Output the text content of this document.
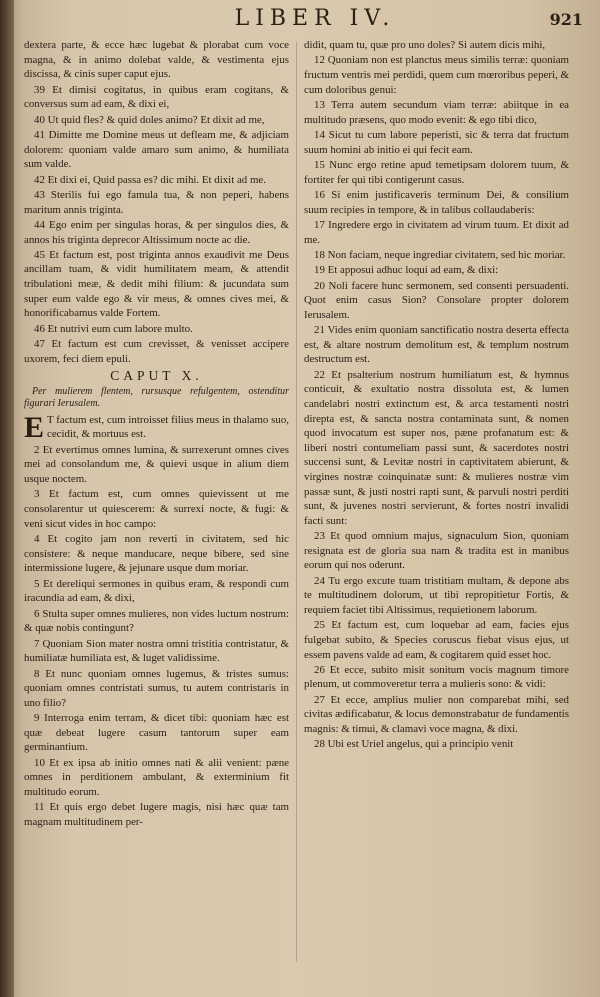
LIBER IV.	921

dextera parte, & ecce hæc lugebat & plorabat cum voce magna, & in animo dolebat valde, & vestimenta ejus discissa, & cinis super caput ejus.

39 Et dimisi cogitatus, in quibus eram cogitans, & conversus sum ad eam, & dixi ei,

40 Ut quid fles? & quid doles animo? Et dixit ad me,

41 Dimitte me Domine meus ut defleam me, & adjiciam dolorem: quoniam valde amaro sum animo, & humiliata sum valde.

42 Et dixi ei, Quid passa es? dic mihi. Et dixit ad me.

43 Sterilis fui ego famula tua, & non peperi, habens maritum annis triginta.

44 Ego enim per singulas horas, & per singulos dies, & annos his triginta deprecor Altissimum nocte ac die.

45 Et factum est, post triginta annos exaudivit me Deus ancillam tuam, & vidit humilitatem meam, & attendit tribulationi meæ, & dedit mihi filium: & jucundata sum super eum valde ego & vir meus, & omnes cives mei, & honorificabamus valde Fortem.

46 Et nutrivi eum cum labore multo.

47 Et factum est cum crevisset, & venisset accipere uxorem, feci diem epuli.

CAPUT X.

Per mulierem flentem, rursusque refulgentem, ostenditur figurari Ierusalem.

E T factum est, cum introisset filius meus in thalamo suo, cecidit, & mortuus est.

2 Et evertimus omnes lumina, & surrexerunt omnes cives mei ad consolandum me, & quievi usque in alium diem usque noctem.

3 Et factum est, cum omnes quievissent ut me consolarentur ut quiescerem: & surrexi nocte, & fugi: & veni sicut vides in hoc campo:

4 Et cogito jam non reverti in civitatem, sed hic consistere: & neque manducare, neque bibere, sed sine intermissione lugere, & jejunare usque dum moriar.

5 Et dereliqui sermones in quibus eram, & respondi cum iracundia ad eam, & dixi,

6 Stulta super omnes mulieres, non vides luctum nostrum: & quæ nobis contingunt?

7 Quoniam Sion mater nostra omni tristitia contristatur, & humiliatæ humiliata est, & luget validissime.

8 Et nunc quoniam omnes lugemus, & tristes sumus: quoniam omnes contristati sumus, tu autem contristaris in uno filio?

9 Interroga enim terram, & dicet tibi: quoniam hæc est quæ debeat lugere casum tantorum super eam germinantium.

10 Et ex ipsa ab initio omnes nati & alii venient: pæne omnes in perditionem ambulant, & exterminium fit multitudo eorum.

11 Et quis ergo debet lugere magis, nisi hæc quæ tam magnam multitudinem per-

didit, quam tu, quæ pro uno doles? Si autem dicis mihi,

12 Quoniam non est planctus meus similis terræ: quoniam fructum ventris mei perdidi, quem cum mœroribus peperi, & cum doloribus genui:

13 Terra autem secundum viam terræ: abiitque in ea multitudo præsens, quo modo evenit: & ego tibi dico,

14 Sicut tu cum labore peperisti, sic & terra dat fructum suum homini ab initio ei qui fecit eam.

15 Nunc ergo retine apud temetipsam dolorem tuum, & fortiter fer qui tibi contigerunt casus.

16 Si enim justificaveris terminum Dei, & consilium suum recipies in tempore, & in talibus collaudaberis:

17 Ingredere ergo in civitatem ad virum tuum. Et dixit ad me.

18 Non faciam, neque ingrediar civitatem, sed hic moriar.

19 Et apposui adhuc loqui ad eam, & dixi:

20 Noli facere hunc sermonem, sed consenti persuadenti. Quot enim casus Sion? Consolare propter dolorem Ierusalem.

21 Vides enim quoniam sanctificatio nostra deserta effecta est, & altare nostrum demolitum est, & templum nostrum destructum est.

22 Et psalterium nostrum humiliatum est, & hymnus conticuit, & exultatio nostra dissoluta est, & lumen candelabri nostri extinctum est, & arca testamenti nostri direpta est, & sancta nostra contaminata sunt, & nomen quod invocatum est super nos, pæne profanatum est: & liberi nostri contumeliam passi sunt, & sacerdotes nostri succensi sunt, & Levitæ nostri in captivitatem abierunt, & virgines nostræ coinquinatæ sunt: & mulieres nostræ vim passæ sunt, & justi nostri rapti sunt, & parvuli nostri perditi sunt, & juvenes nostri servierunt, & fortes nostri invalidi facti sunt:

23 Et quod omnium majus, signaculum Sion, quoniam resignata est de gloria sua nam & tradita est in manibus eorum qui nos oderunt.

24 Tu ergo excute tuam tristitiam multam, & depone abs te multitudinem dolorum, ut tibi repropitietur Fortis, & requiem faciet tibi Altissimus, requietionem laborum.

25 Et factum est, cum loquebar ad eam, facies ejus fulgebat subito, & Species coruscus fiebat visus ejus, ut essem pavens valde ad eam, & cogitarem quid esset hoc.

26 Et ecce, subito misit sonitum vocis magnum timore plenum, ut commoveretur terra a mulieris sono: & vidi:

27 Et ecce, amplius mulier non comparebat mihi, sed civitas ædificabatur, & locus demonstrabatur de fundamentis magnis: & timui, & clamavi voce magna, & dixi.

28 Ubi est Uriel angelus, qui a principio venit
